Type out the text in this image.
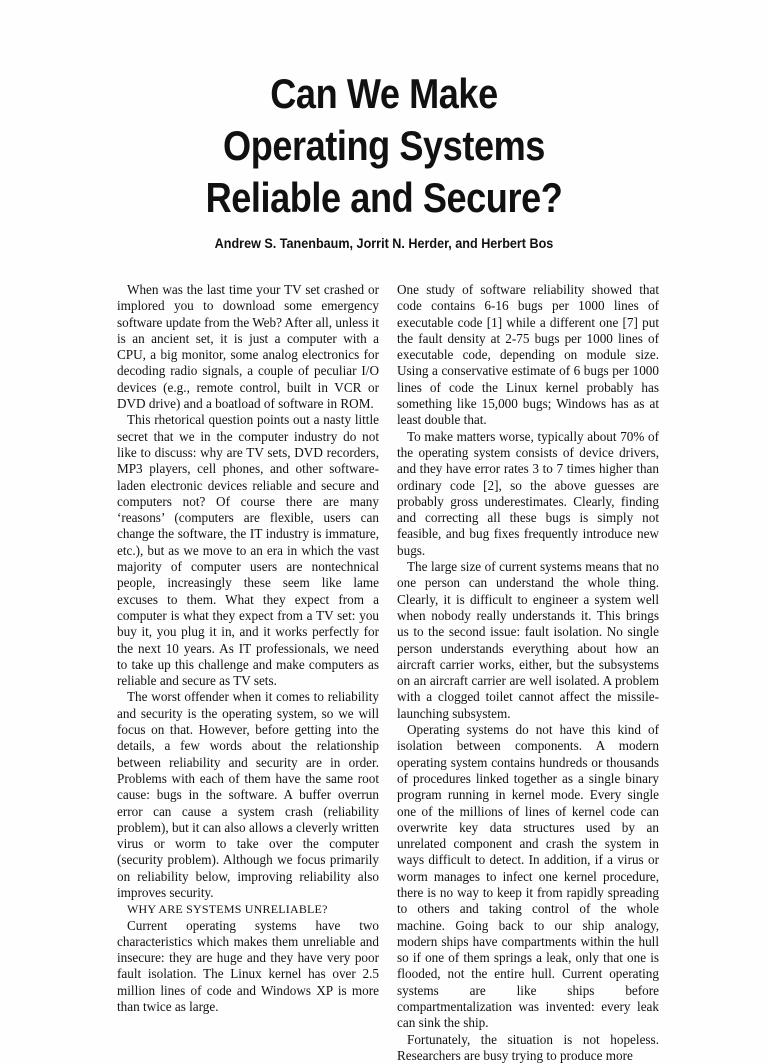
Can We Make
Operating Systems
Reliable and Secure?
Andrew S. Tanenbaum, Jorrit N. Herder, and Herbert Bos

When was the last time your TV set crashed or implored you to download some emergency software update from the Web? After all, unless it is an ancient set, it is just a computer with a CPU, a big monitor, some analog electronics for decoding radio signals, a couple of peculiar I/O devices (e.g., remote control, built in VCR or DVD drive) and a boatload of software in ROM.

This rhetorical question points out a nasty little secret that we in the computer industry do not like to discuss: why are TV sets, DVD recorders, MP3 players, cell phones, and other software-laden electronic devices reliable and secure and computers not? Of course there are many ‘reasons’ (computers are flexible, users can change the software, the IT industry is immature, etc.), but as we move to an era in which the vast majority of computer users are nontechnical people, increasingly these seem like lame excuses to them. What they expect from a computer is what they expect from a TV set: you buy it, you plug it in, and it works perfectly for the next 10 years. As IT professionals, we need to take up this challenge and make computers as reliable and secure as TV sets.

The worst offender when it comes to reliability and security is the operating system, so we will focus on that. However, before getting into the details, a few words about the relationship between reliability and security are in order. Problems with each of them have the same root cause: bugs in the software. A buffer overrun error can cause a system crash (reliability problem), but it can also allows a cleverly written virus or worm to take over the computer (security problem). Although we focus primarily on reliability below, improving reliability also improves security.

WHY ARE SYSTEMS UNRELIABLE?

Current operating systems have two characteristics which makes them unreliable and insecure: they are huge and they have very poor fault isolation. The Linux kernel has over 2.5 million lines of code and Windows XP is more than twice as large.

One study of software reliability showed that code contains 6-16 bugs per 1000 lines of executable code [1] while a different one [7] put the fault density at 2-75 bugs per 1000 lines of executable code, depending on module size. Using a conservative estimate of 6 bugs per 1000 lines of code the Linux kernel probably has something like 15,000 bugs; Windows has as at least double that.

To make matters worse, typically about 70% of the operating system consists of device drivers, and they have error rates 3 to 7 times higher than ordinary code [2], so the above guesses are probably gross underestimates. Clearly, finding and correcting all these bugs is simply not feasible, and bug fixes frequently introduce new bugs.

The large size of current systems means that no one person can understand the whole thing. Clearly, it is difficult to engineer a system well when nobody really understands it. This brings us to the second issue: fault isolation. No single person understands everything about how an aircraft carrier works, either, but the subsystems on an aircraft carrier are well isolated. A problem with a clogged toilet cannot affect the missile-launching subsystem.

Operating systems do not have this kind of isolation between components. A modern operating system contains hundreds or thousands of procedures linked together as a single binary program running in kernel mode. Every single one of the millions of lines of kernel code can overwrite key data structures used by an unrelated component and crash the system in ways difficult to detect. In addition, if a virus or worm manages to infect one kernel procedure, there is no way to keep it from rapidly spreading to others and taking control of the whole machine. Going back to our ship analogy, modern ships have compartments within the hull so if one of them springs a leak, only that one is flooded, not the entire hull. Current operating systems are like ships before compartmentalization was invented: every leak can sink the ship.

Fortunately, the situation is not hopeless. Researchers are busy trying to produce more
